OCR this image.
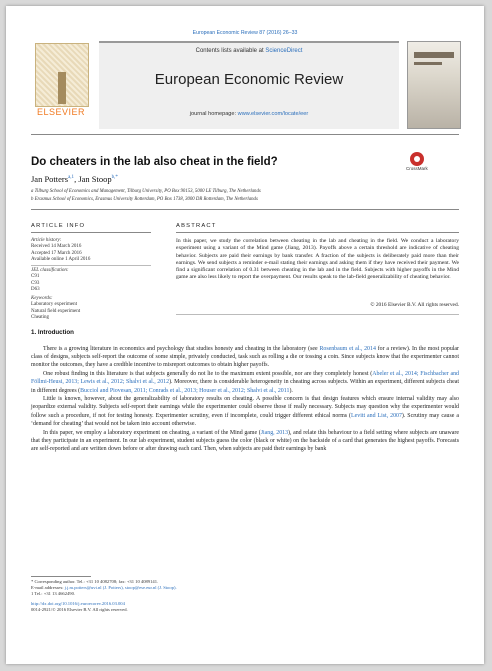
European Economic Review 87 (2016) 26–33
ELSEVIER
Contents lists available at ScienceDirect
European Economic Review
journal homepage: www.elsevier.com/locate/eer
Do cheaters in the lab also cheat in the field?
CrossMark
Jan Potters$^{a,1}$, Jan Stoop$^{b,*}$
a Tilburg School of Economics and Management, Tilburg University, PO Box 90153, 5000 LE Tilburg, The Netherlands
b Erasmus School of Economics, Erasmus University Rotterdam, PO Box 1738, 3000 DR Rotterdam, The Netherlands
ARTICLE INFO	ABSTRACT
Article history:
Received 14 March 2016
Accepted 17 March 2016
Available online 1 April 2016
JEL classification:
C91
C93
D63
Keywords:
Laboratory experiment
Natural field experiment
Cheating
In this paper, we study the correlation between cheating in the lab and cheating in the field. We conduct a laboratory experiment using a variant of the Mind game (Jiang, 2013). Payoffs above a certain threshold are indicative of cheating behavior. Subjects are paid their earnings by bank transfer. A fraction of the subjects is deliberately paid more than their earnings. We send subjects a reminder e-mail stating their earnings and asking them if they have received their payment. We find a significant correlation of 0.31 between cheating in the lab and in the field. Subjects with higher payoffs in the Mind game are also less likely to report the overpayment. Our results speak to the lab-field generalizability of cheating behavior.
© 2016 Elsevier B.V. All rights reserved.
1. Introduction

There is a growing literature in economics and psychology that studies honesty and cheating in the laboratory (see Rosenbaum et al., 2014 for a review). In the most popular class of designs, subjects self-report the outcome of some simple, privately conducted, task such as rolling a die or tossing a coin. Since subjects know that the experimenter cannot monitor the outcomes, they have a credible incentive to misreport outcomes to obtain higher payoffs.

One robust finding in this literature is that subjects generally do not lie to the maximum extent possible, nor are they completely honest (Abeler et al., 2014; Fischbacher and Föllmi-Heusi, 2013; Lewis et al., 2012; Shalvi et al., 2012). Moreover, there is considerable heterogeneity in cheating across subjects. Within an experiment, different subjects cheat in different degrees (Bucciol and Piovesan, 2011; Conrads et al., 2013; Houser et al., 2012; Shalvi et al., 2011).

Little is known, however, about the generalizability of laboratory results on cheating. A possible concern is that design features which ensure internal validity may also jeopardize external validity. Subjects self-report their earnings while the experimenter could observe those if really necessary. Subjects may question why the experimenter would follow such a procedure, if not for testing honesty. Experimenter scrutiny, even if incomplete, could trigger different ethical norms (Levitt and List, 2007). Scrutiny may cause a ‘demand for cheating’ that would not be taken into account otherwise.

In this paper, we employ a laboratory experiment on cheating, a variant of the Mind game (Jiang, 2013), and relate this behaviour to a field setting where subjects are unaware that they participate in an experiment. In our lab experiment, student subjects guess the color (black or white) on the backside of a card that generates the highest payoffs. Forecasts are self-reported and are written down before or after drawing each card. Then, when subjects are paid their earnings by bank

* Corresponding author. Tel.: +31 10 4082708; fax: +31 10 4089141.
E-mail addresses: j.j.m.potters@uvt.nl (J. Potters), stoop@ese.eur.nl (J. Stoop).
1 Tel.: +31 13 4662490.
http://dx.doi.org/10.1016/j.euroecorev.2016.03.004
0014-2921/© 2016 Elsevier B.V. All rights reserved.
